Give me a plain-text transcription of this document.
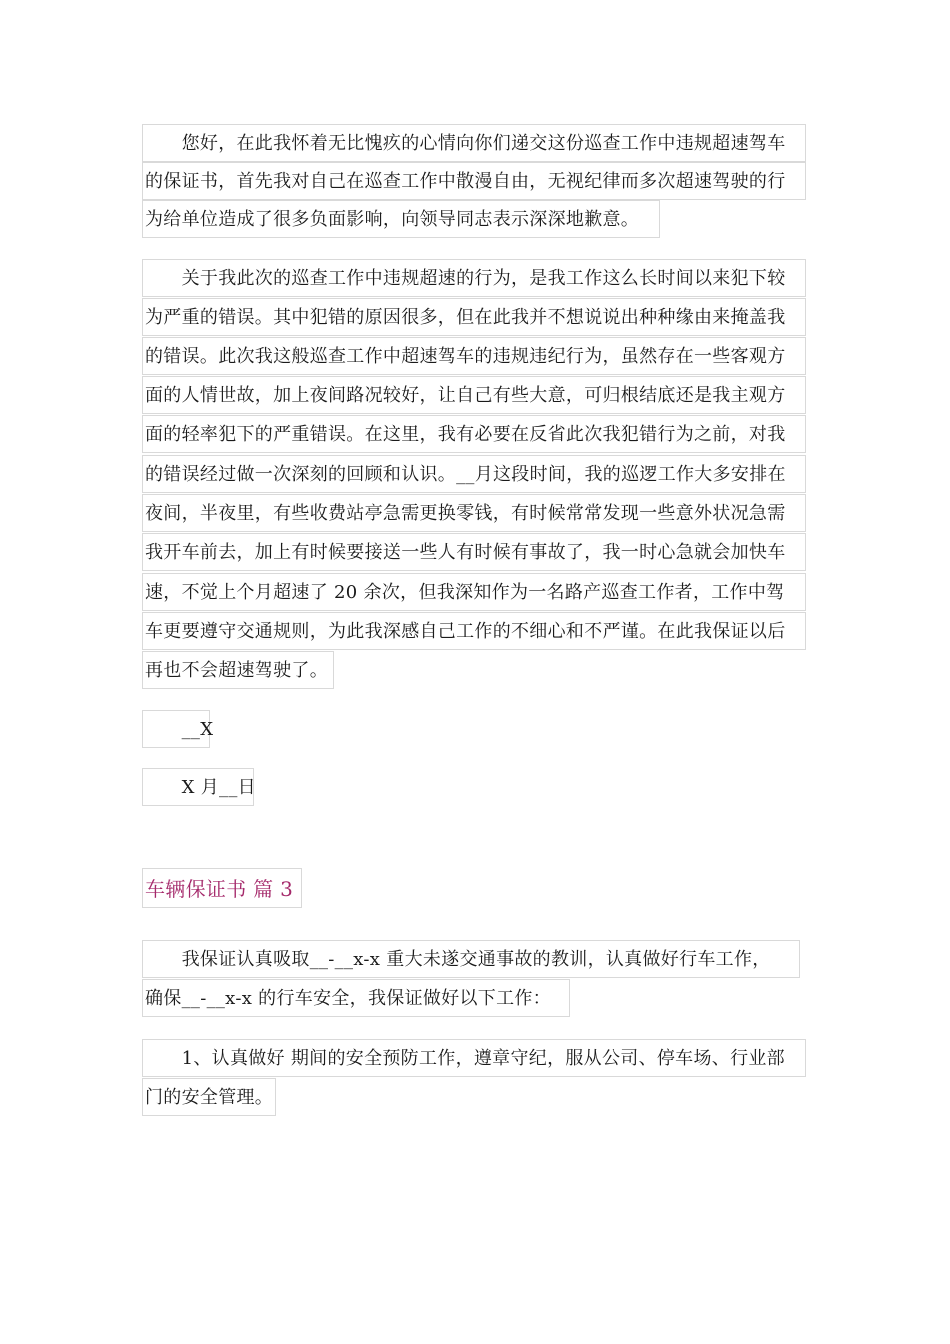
　　您好，在此我怀着无比愧疚的心情向你们递交这份巡查工作中违规超速驾车
的保证书，首先我对自己在巡查工作中散漫自由，无视纪律而多次超速驾驶的行
为给单位造成了很多负面影响，向领导同志表示深深地歉意。
　　关于我此次的巡查工作中违规超速的行为，是我工作这么长时间以来犯下较
为严重的错误。其中犯错的原因很多，但在此我并不想说说出种种缘由来掩盖我
的错误。此次我这般巡查工作中超速驾车的违规违纪行为，虽然存在一些客观方
面的人情世故，加上夜间路况较好，让自己有些大意，可归根结底还是我主观方
面的轻率犯下的严重错误。在这里，我有必要在反省此次我犯错行为之前，对我
的错误经过做一次深刻的回顾和认识。__月这段时间，我的巡逻工作大多安排在
夜间，半夜里，有些收费站亭急需更换零钱，有时候常常发现一些意外状况急需
我开车前去，加上有时候要接送一些人有时候有事故了，我一时心急就会加快车
速，不觉上个月超速了 20 余次，但我深知作为一名路产巡查工作者，工作中驾
车更要遵守交通规则，为此我深感自己工作的不细心和不严谨。在此我保证以后
再也不会超速驾驶了。
　　__X
　　X 月__日
车辆保证书 篇 3
　　我保证认真吸取__-__x-x 重大未遂交通事故的教训，认真做好行车工作，
确保__-__x-x 的行车安全，我保证做好以下工作：
　　1、认真做好 期间的安全预防工作，遵章守纪，服从公司、停车场、行业部
门的安全管理。
